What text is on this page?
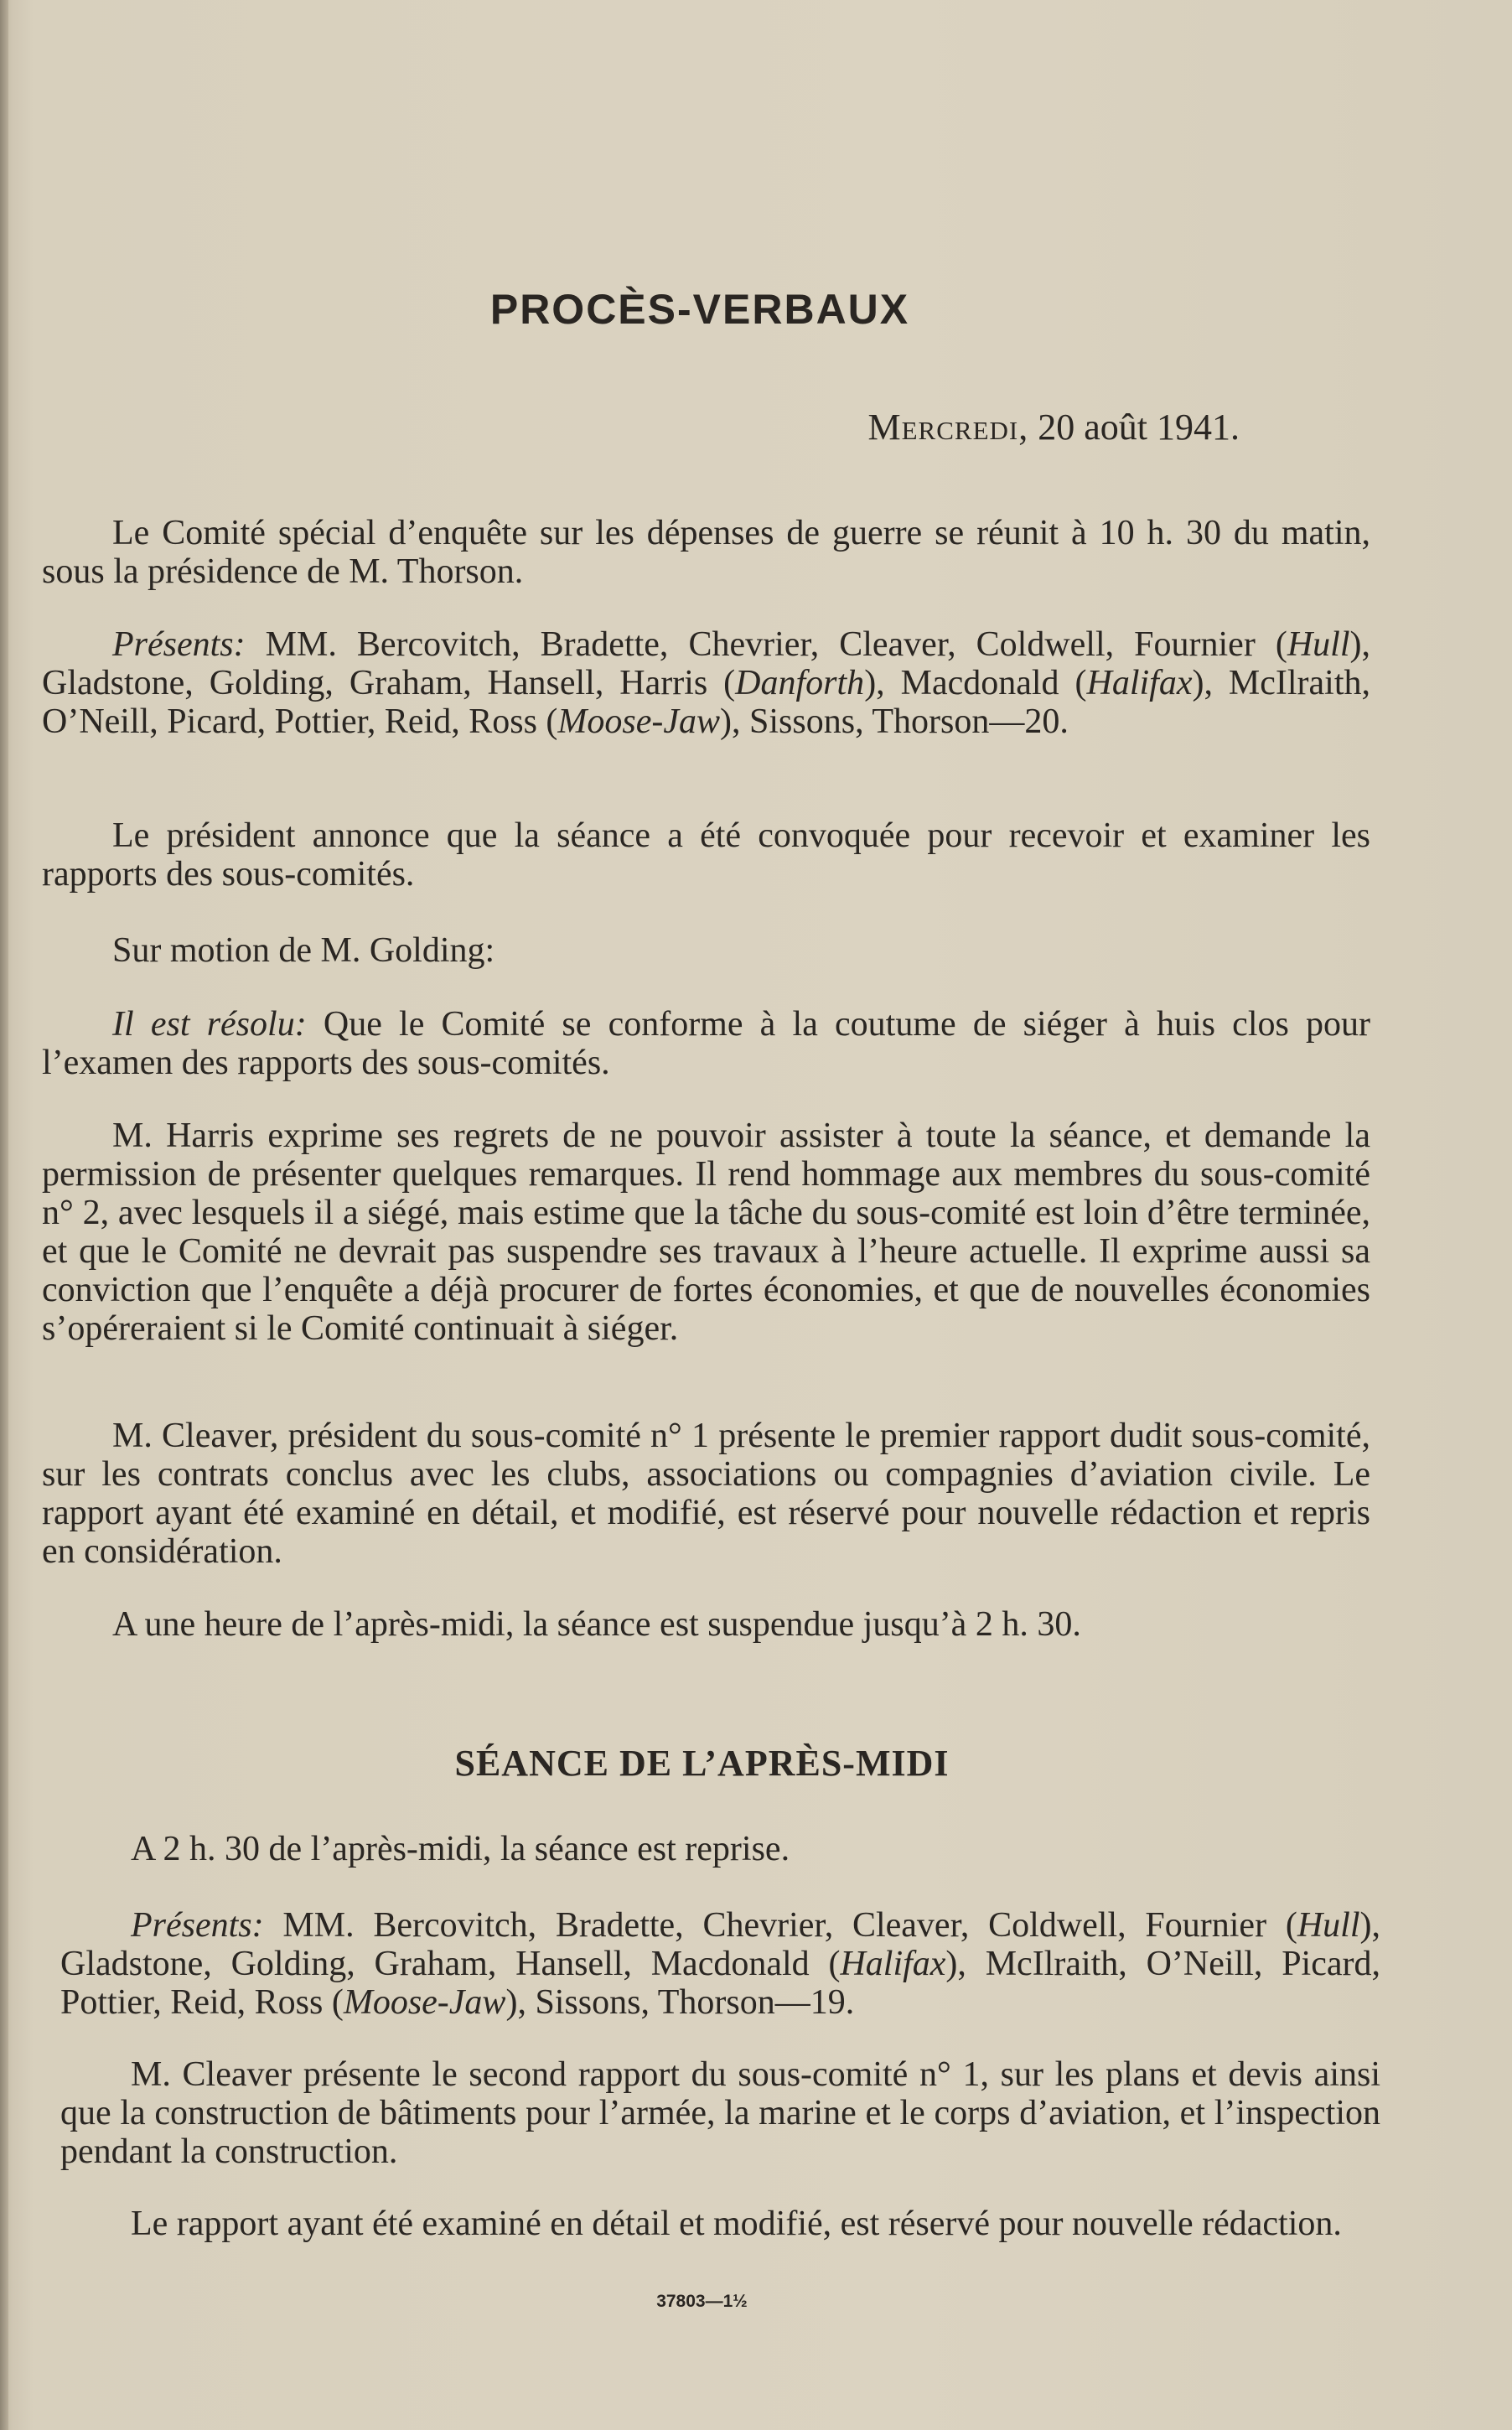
PROCÈS-VERBAUX

Mercredi, 20 août 1941.

Le Comité spécial d’enquête sur les dépenses de guerre se réunit à 10 h. 30 du matin, sous la présidence de M. Thorson.

Présents: MM. Bercovitch, Bradette, Chevrier, Cleaver, Coldwell, Fournier (Hull), Gladstone, Golding, Graham, Hansell, Harris (Danforth), Macdonald (Halifax), McIlraith, O’Neill, Picard, Pottier, Reid, Ross (Moose-Jaw), Sissons, Thorson—20.

Le président annonce que la séance a été convoquée pour recevoir et examiner les rapports des sous-comités.

Sur motion de M. Golding:

Il est résolu: Que le Comité se conforme à la coutume de siéger à huis clos pour l’examen des rapports des sous-comités.

M. Harris exprime ses regrets de ne pouvoir assister à toute la séance, et demande la permission de présenter quelques remarques. Il rend hommage aux membres du sous-comité n° 2, avec lesquels il a siégé, mais estime que la tâche du sous-comité est loin d’être terminée, et que le Comité ne devrait pas suspendre ses travaux à l’heure actuelle. Il exprime aussi sa conviction que l’enquête a déjà procurer de fortes économies, et que de nouvelles économies s’opéreraient si le Comité continuait à siéger.

M. Cleaver, président du sous-comité n° 1 présente le premier rapport dudit sous-comité, sur les contrats conclus avec les clubs, associations ou compagnies d’aviation civile. Le rapport ayant été examiné en détail, et modifié, est réservé pour nouvelle rédaction et repris en considération.

A une heure de l’après-midi, la séance est suspendue jusqu’à 2 h. 30.

SÉANCE DE L’APRÈS-MIDI

A 2 h. 30 de l’après-midi, la séance est reprise.

Présents: MM. Bercovitch, Bradette, Chevrier, Cleaver, Coldwell, Fournier (Hull), Gladstone, Golding, Graham, Hansell, Macdonald (Halifax), McIlraith, O’Neill, Picard, Pottier, Reid, Ross (Moose-Jaw), Sissons, Thorson—19.

M. Cleaver présente le second rapport du sous-comité n° 1, sur les plans et devis ainsi que la construction de bâtiments pour l’armée, la marine et le corps d’aviation, et l’inspection pendant la construction.

Le rapport ayant été examiné en détail et modifié, est réservé pour nouvelle rédaction.

37803—1½
